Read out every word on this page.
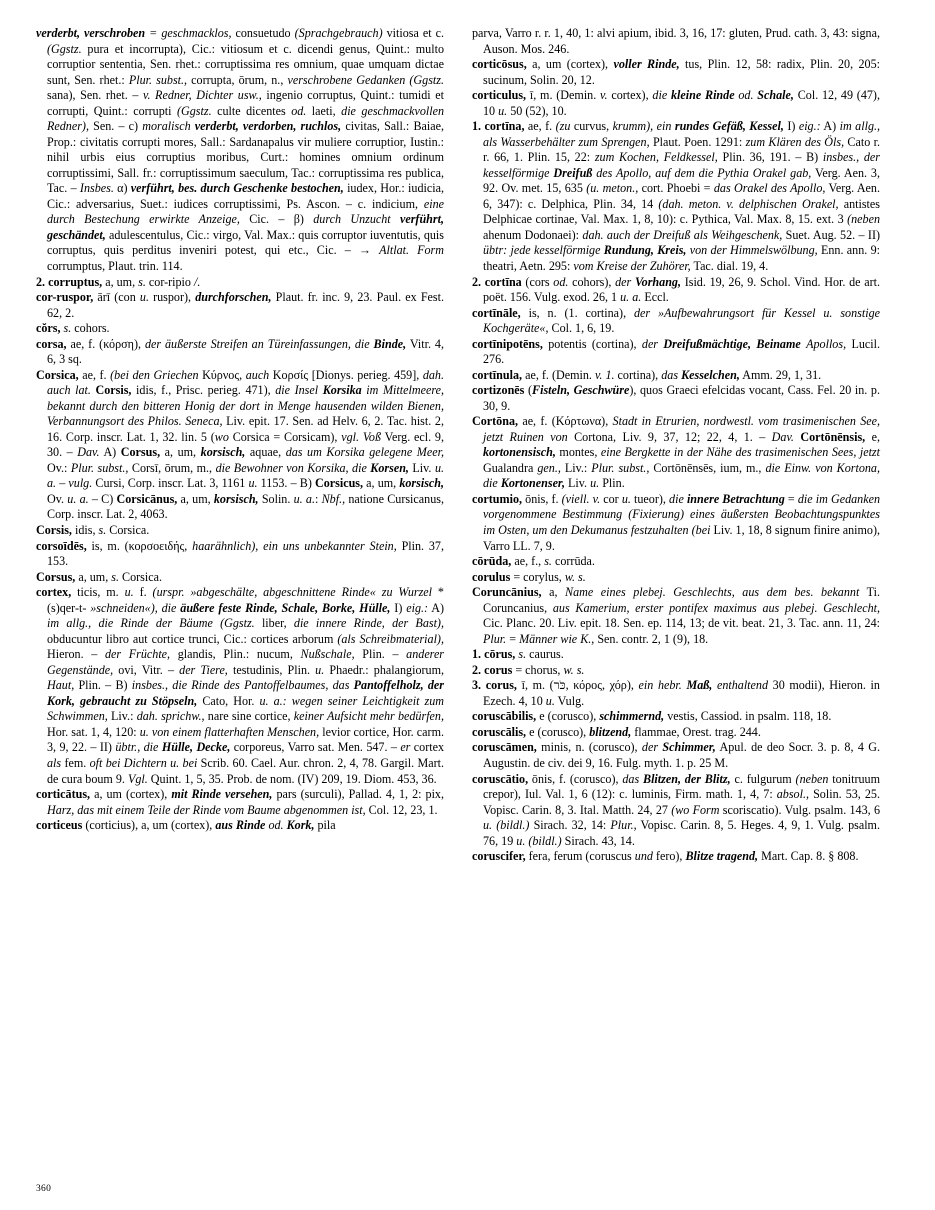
verderbt, verschroben = geschmacklos, consuetudo (Sprachgebrauch) vitiosa et c. (Ggstz. pura et incorrupta), Cic.: vitiosum et c. dicendi genus, Quint.: multo corruptior sententia, Sen. rhet.: corruptissima res omnium, quae umquam dictae sunt, Sen. rhet.: Plur. subst., corrupta, ōrum, n., verschrobene Gedanken (Ggstz. sana), Sen. rhet. – v. Redner, Dichter usw., ingenio corruptus, Quint.: tumidi et corrupti, Quint.: corrupti (Ggstz. culte dicentes od. laeti, die geschmackvollen Redner), Sen. – c) moralisch verderbt, verdorben, ruchlos, civitas, Sall.: Baiae, Prop.: civitatis corrupti mores, Sall.: Sardanapalus vir muliere corruptior, Iustin.: nihil urbis eius corruptius moribus, Curt.: homines omnium ordinum corruptissimi, Sall. fr.: corruptissimum saeculum, Tac.: corruptissima res publica, Tac. – Insbes. α) verführt, bes. durch Geschenke bestochen, iudex, Hor.: iudicia, Cic.: adversarius, Suet.: iudices corruptissimi, Ps. Ascon. – c. indicium, eine durch Bestechung erwirkte Anzeige, Cic. – β) durch Unzucht verführt, geschändet, adulescentulus, Cic.: virgo, Val. Max.: quis corruptor iuventutis, quis corruptus, quis perditus inveniri potest, qui etc., Cic. – → Altlat. Form corrumptus, Plaut. trin. 114.

2. corruptus, a, um, s. cor-ripio /.

cor-ruspor, ārī (con u. ruspor), durchforschen, Plaut. fr. inc. 9, 23. Paul. ex Fest. 62, 2.

cŏrs, s. cohors.

corsa, ae, f. (κόρση), der äußerste Streifen an Türeinfassungen, die Binde, Vitr. 4, 6, 3 sq.

Corsica, ae, f. (bei den Griechen Κύρνος, auch Κορσίς [Dionys. perieg. 459], dah. auch lat. Corsis, idis, f., Prisc. perieg. 471), die Insel Korsika im Mittelmeere, bekannt durch den bitteren Honig der dort in Menge hausenden wilden Bienen, Verbannungsort des Philos. Seneca, Liv. epit. 17. Sen. ad Helv. 6, 2. Tac. hist. 2, 16. Corp. inscr. Lat. 1, 32. lin. 5 (wo Corsica = Corsicam), vgl. Voß Verg. ecl. 9, 30. – Dav. A) Corsus, a, um, korsisch, aquae, das um Korsika gelegene Meer, Ov.: Plur. subst., Corsī, ōrum, m., die Bewohner von Korsika, die Korsen, Liv. u. a. – vulg. Cursi, Corp. inscr. Lat. 3, 1161 u. 1153. – B) Corsicus, a, um, korsisch, Ov. u. a. – C) Corsicānus, a, um, korsisch, Solin. u. a.: Nbf., natione Cursicanus, Corp. inscr. Lat. 2, 4063.

Corsis, idis, s. Corsica.

corsoīdēs, is, m. (κορσοειδής, haarähnlich), ein uns unbekannter Stein, Plin. 37, 153.

Corsus, a, um, s. Corsica.

cortex, ticis, m. u. f. (urspr. »abgeschälte, abgeschnittene Rinde« zu Wurzel *(s)qer-t- »schneiden«), die äußere feste Rinde, Schale, Borke, Hülle, I) eig.: A) im allg., die Rinde der Bäume (Ggstz. liber, die innere Rinde, der Bast), obducuntur libro aut cortice trunci, Cic.: cortices arborum (als Schreibmaterial), Hieron. – der Früchte, glandis, Plin.: nucum, Nußschale, Plin. – anderer Gegenstände, ovi, Vitr. – der Tiere, testudinis, Plin. u. Phaedr.: phalangiorum, Haut, Plin. – B) insbes., die Rinde des Pantoffelbaumes, das Pantoffelholz, der Kork, gebraucht zu Stöpseln, Cato, Hor. u. a.: wegen seiner Leichtigkeit zum Schwimmen, Liv.: dah. sprichw., nare sine cortice, keiner Aufsicht mehr bedürfen, Hor. sat. 1, 4, 120: u. von einem flatterhaften Menschen, levior cortice, Hor. carm. 3, 9, 22. – II) übtr., die Hülle, Decke, corporeus, Varro sat. Men. 547. – er cortex als fem. oft bei Dichtern u. bei Scrib. 60. Cael. Aur. chron. 2, 4, 78. Gargil. Mart. de cura boum 9. Vgl. Quint. 1, 5, 35. Prob. de nom. (IV) 209, 19. Diom. 453, 36.

corticātus, a, um (cortex), mit Rinde versehen, pars (surculi), Pallad. 4, 1, 2: pix, Harz, das mit einem Teile der Rinde vom Baume abgenommen ist, Col. 12, 23, 1.

corticeus (corticius), a, um (cortex), aus Rinde od. Kork, pila

parva, Varro r. r. 1, 40, 1: alvi apium, ibid. 3, 16, 17: gluten, Prud. cath. 3, 43: signa, Auson. Mos. 246.

corticōsus, a, um (cortex), voller Rinde, tus, Plin. 12, 58: radix, Plin. 20, 205: sucinum, Solin. 20, 12.

corticulus, ī, m. (Demin. v. cortex), die kleine Rinde od. Schale, Col. 12, 49 (47), 10 u. 50 (52), 10.

1. cortīna, ae, f. (zu curvus, krumm), ein rundes Gefäß, Kessel, I) eig.: A) im allg., als Wasserbehälter zum Sprengen, Plaut. Poen. 1291: zum Klären des Öls, Cato r. r. 66, 1. Plin. 15, 22: zum Kochen, Feldkessel, Plin. 36, 191. – B) insbes., der kesselförmige Dreifuß des Apollo, auf dem die Pythia Orakel gab, Verg. Aen. 3, 92. Ov. met. 15, 635 (u. meton., cort. Phoebi = das Orakel des Apollo, Verg. Aen. 6, 347): c. Delphica, Plin. 34, 14 (dah. meton. v. delphischen Orakel, antistes Delphicae cortinae, Val. Max. 1, 8, 10): c. Pythica, Val. Max. 8, 15. ext. 3 (neben ahenum Dodonaei): dah. auch der Dreifuß als Weihgeschenk, Suet. Aug. 52. – II) übtr: jede kesselförmige Rundung, Kreis, von der Himmelswölbung, Enn. ann. 9: theatri, Aetn. 295: vom Kreise der Zuhörer, Tac. dial. 19, 4.

2. cortīna (cors od. cohors), der Vorhang, Isid. 19, 26, 9. Schol. Vind. Hor. de art. poët. 156. Vulg. exod. 26, 1 u. a. Eccl.

cortīnāle, is, n. (1. cortina), der »Aufbewahrungsort für Kessel u. sonstige Kochgeräte«, Col. 1, 6, 19.

cortīnipotēns, potentis (cortina), der Dreifußmächtige, Beiname Apollos, Lucil. 276.

cortīnula, ae, f. (Demin. v. 1. cortina), das Kesselchen, Amm. 29, 1, 31.

cortizonēs (Fisteln, Geschwüre), quos Graeci efelcidas vocant, Cass. Fel. 20 in. p. 30, 9.

Cortōna, ae, f. (Κόρτωνα), Stadt in Etrurien, nordwestl. vom trasimenischen See, jetzt Ruinen von Cortona, Liv. 9, 37, 12; 22, 4, 1. – Dav. Cortōnēnsis, e, kortonensisch, montes, eine Bergkette in der Nähe des trasimenischen Sees, jetzt Gualandra gen., Liv.: Plur. subst., Cortōnēnsēs, ium, m., die Einw. von Kortona, die Kortonenser, Liv. u. Plin.

cortumio, ōnis, f. (viell. v. cor u. tueor), die innere Betrachtung = die im Gedanken vorgenommene Bestimmung (Fixierung) eines äußersten Beobachtungspunktes im Osten, um den Dekumanus festzuhalten (bei Liv. 1, 18, 8 signum finire animo), Varro LL. 7, 9.

cōrūda, ae, f., s. corrūda.

corulus = corylus, w. s.

Coruncānius, a, Name eines plebej. Geschlechts, aus dem bes. bekannt Ti. Coruncanius, aus Kamerium, erster pontifex maximus aus plebej. Geschlecht, Cic. Planc. 20. Liv. epit. 18. Sen. ep. 114, 13; de vit. beat. 21, 3. Tac. ann. 11, 24: Plur. = Männer wie K., Sen. contr. 2, 1 (9), 18.

1. cōrus, s. caurus.

2. corus = chorus, w. s.

3. corus, ī, m. (כֹּר, κόρος, χόρ), ein hebr. Maß, enthaltend 30 modii), Hieron. in Ezech. 4, 10 u. Vulg.

coruscābilis, e (corusco), schimmernd, vestis, Cassiod. in psalm. 118, 18.

coruscālis, e (corusco), blitzend, flammae, Orest. trag. 244.

coruscāmen, minis, n. (corusco), der Schimmer, Apul. de deo Socr. 3. p. 8, 4 G. Augustin. de civ. dei 9, 16. Fulg. myth. 1. p. 25 M.

coruscātio, ōnis, f. (corusco), das Blitzen, der Blitz, c. fulgurum (neben tonitruum crepor), Iul. Val. 1, 6 (12): c. luminis, Firm. math. 1, 4, 7: absol., Solin. 53, 25. Vopisc. Carin. 8, 3. Ital. Matth. 24, 27 (wo Form scoriscatio). Vulg. psalm. 143, 6 u. (bildl.) Sirach. 32, 14: Plur., Vopisc. Carin. 8, 5. Heges. 4, 9, 1. Vulg. psalm. 76, 19 u. (bildl.) Sirach. 43, 14.

coruscifer, fera, ferum (coruscus und fero), Blitze tragend, Mart. Cap. 8. § 808.

360
